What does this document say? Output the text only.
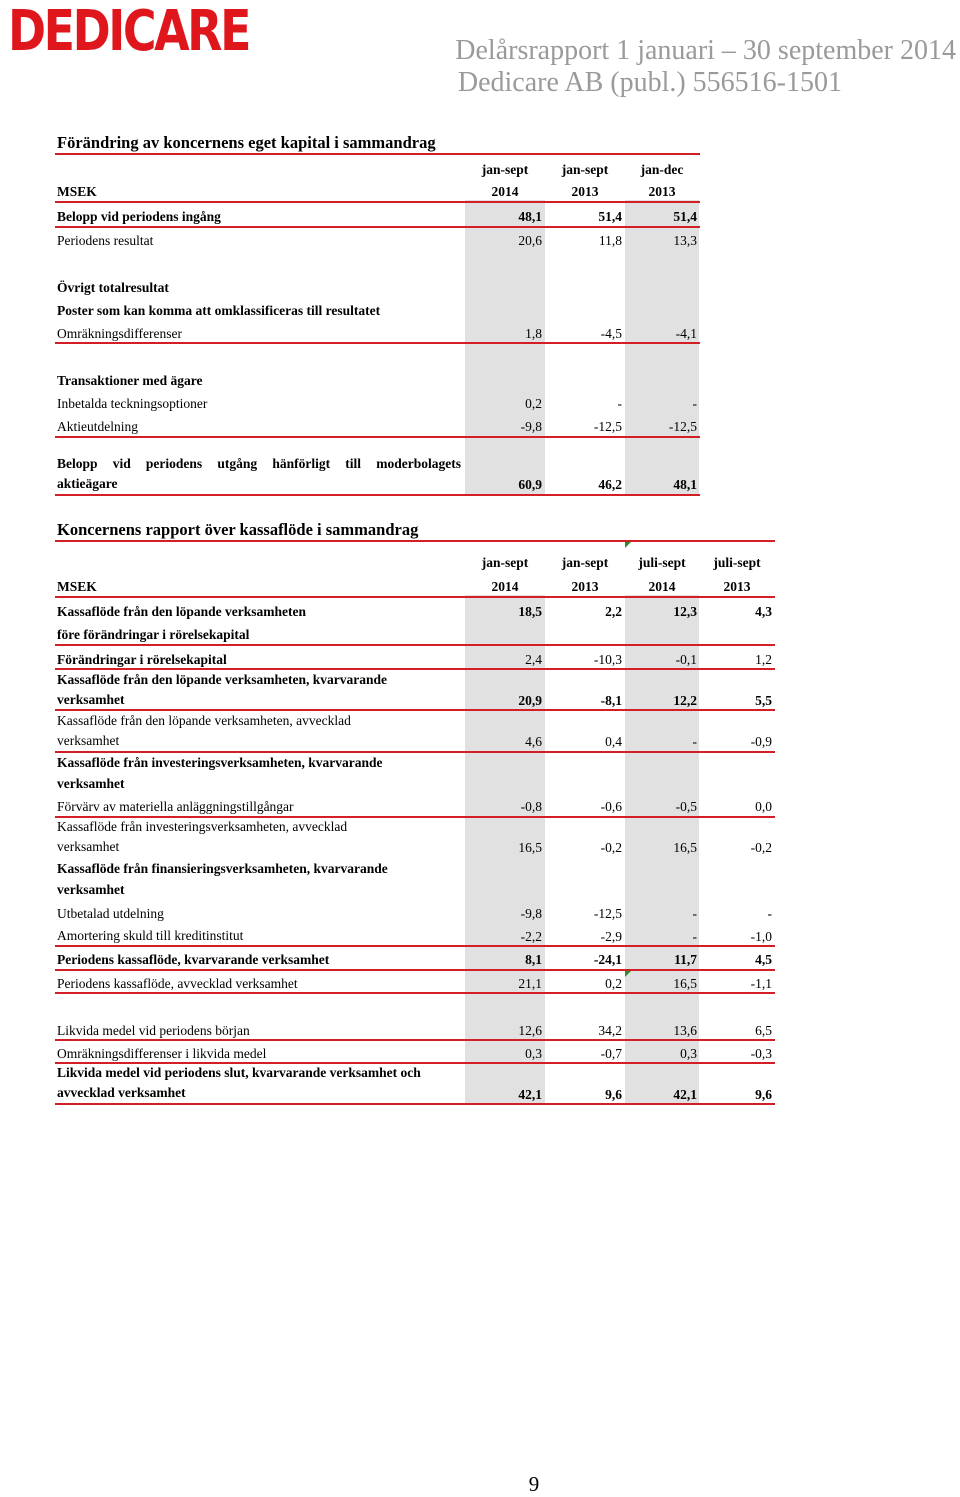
DEDICARE	Delårsrapport 1 januari – 30 september 2014
Dedicare AB (publ.) 556516-1501
Förändring av koncernens eget kapital i sammandrag
jan-sept	jan-sept	jan-dec
MSEK	2014	2013	2013
Belopp vid periodens ingång	48,1	51,4	51,4
Periodens resultat	20,6	11,8	13,3
Övrigt totalresultat
Poster som kan komma att omklassificeras till resultatet
Omräkningsdifferenser	1,8	-4,5	-4,1
Transaktioner med ägare
Inbetalda teckningsoptioner	0,2	-	-
Aktieutdelning	-9,8	-12,5	-12,5
Belopp vid periodens utgång hänförligt till moderbolagets
aktieägare	60,9	46,2	48,1
Koncernens rapport över kassaflöde i sammandrag
jan-sept	jan-sept	juli-sept	juli-sept
MSEK	2014	2013	2014	2013
Kassaflöde från den löpande verksamheten
före förändringar i rörelsekapital
18,5	2,2	12,3	4,3
Förändringar i rörelsekapital	2,4	-10,3	-0,1	1,2
Kassaflöde från den löpande verksamheten, kvarvarande
verksamhet	20,9	-8,1	12,2	5,5
Kassaflöde från den löpande verksamheten, avvecklad
verksamhet	4,6	0,4	-	-0,9
Kassaflöde från investeringsverksamheten, kvarvarande
verksamhet
Förvärv av materiella anläggningstillgångar	-0,8	-0,6	-0,5	0,0
Kassaflöde från investeringsverksamheten, avvecklad
verksamhet	16,5	-0,2	16,5	-0,2
Kassaflöde från finansieringsverksamheten, kvarvarande
verksamhet
Utbetalad utdelning	-9,8	-12,5	-	-
Amortering skuld till kreditinstitut	-2,2	-2,9	-	-1,0
Periodens kassaflöde, kvarvarande verksamhet	8,1	-24,1	11,7	4,5
Periodens kassaflöde, avvecklad verksamhet	21,1	0,2	16,5	-1,1
Likvida medel vid periodens början	12,6	34,2	13,6	6,5
Omräkningsdifferenser i likvida medel	0,3	-0,7	0,3	-0,3
Likvida medel vid periodens slut, kvarvarande verksamhet och
avvecklad verksamhet	42,1	9,6	42,1	9,6
9
